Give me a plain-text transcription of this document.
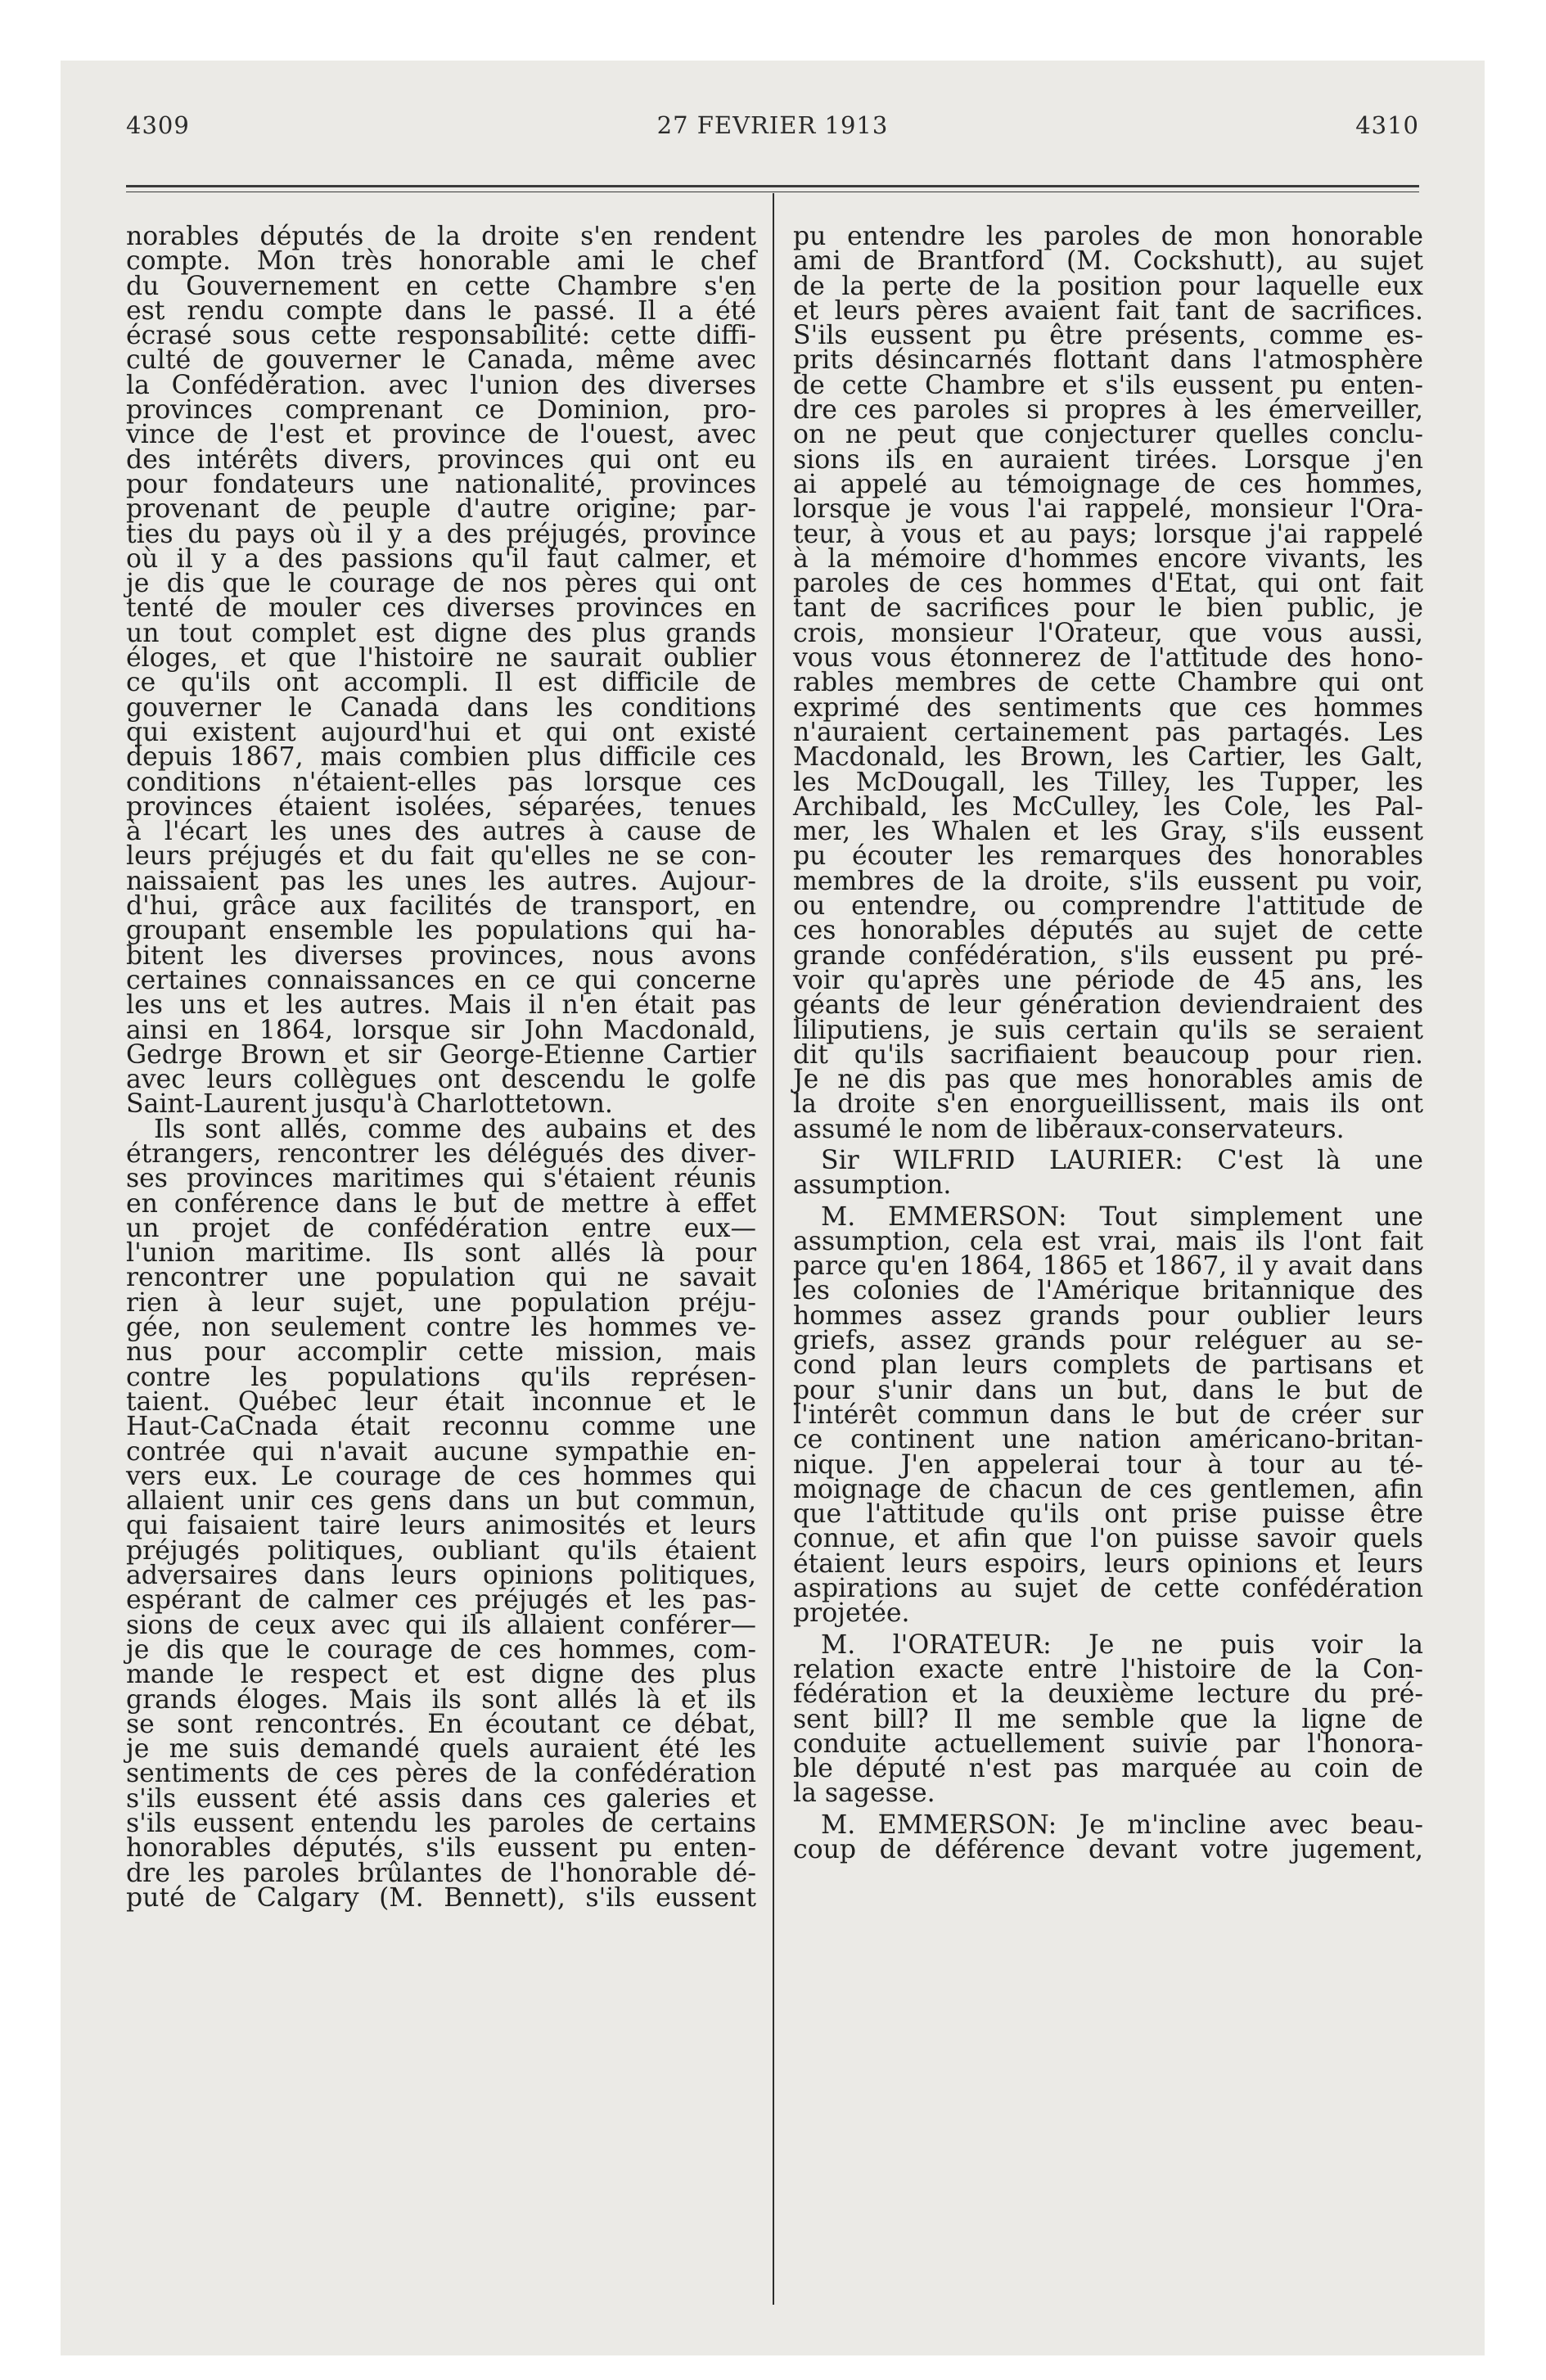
4309	27 FEVRIER 1913	4310
norables députés de la droite s'en rendent
compte. Mon très honorable ami le chef
du Gouvernement en cette Chambre s'en
est rendu compte dans le passé. Il a été
écrasé sous cette responsabilité: cette diffi-
culté de gouverner le Canada, même avec
la Confédération. avec l'union des diverses
provinces comprenant ce Dominion, pro-
vince de l'est et province de l'ouest, avec
des intérêts divers, provinces qui ont eu
pour fondateurs une nationalité, provinces
provenant de peuple d'autre origine; par-
ties du pays où il y a des préjugés, province
où il y a des passions qu'il faut calmer, et
je dis que le courage de nos pères qui ont
tenté de mouler ces diverses provinces en
un tout complet est digne des plus grands
éloges, et que l'histoire ne saurait oublier
ce qu'ils ont accompli. Il est difficile de
gouverner le Canada dans les conditions
qui existent aujourd'hui et qui ont existé
depuis 1867, mais combien plus difficile ces
conditions n'étaient-elles pas lorsque ces
provinces étaient isolées, séparées, tenues
à l'écart les unes des autres à cause de
leurs préjugés et du fait qu'elles ne se con-
naissaient pas les unes les autres. Aujour-
d'hui, grâce aux facilités de transport, en
groupant ensemble les populations qui ha-
bitent les diverses provinces, nous avons
certaines connaissances en ce qui concerne
les uns et les autres. Mais il n'en était pas
ainsi en 1864, lorsque sir John Macdonald,
Gedrge Brown et sir George-Etienne Cartier
avec leurs collègues ont descendu le golfe
Saint-Laurent jusqu'à Charlottetown.
Ils sont allés, comme des aubains et des
étrangers, rencontrer les délégués des diver-
ses provinces maritimes qui s'étaient réunis
en conférence dans le but de mettre à effet
un projet de confédération entre eux—
l'union maritime. Ils sont allés là pour
rencontrer une population qui ne savait
rien à leur sujet, une population préju-
gée, non seulement contre les hommes ve-
nus pour accomplir cette mission, mais
contre les populations qu'ils représen-
taient. Québec leur était inconnue et le
Haut-CaCnada était reconnu comme une
contrée qui n'avait aucune sympathie en-
vers eux. Le courage de ces hommes qui
allaient unir ces gens dans un but commun,
qui faisaient taire leurs animosités et leurs
préjugés politiques, oubliant qu'ils étaient
adversaires dans leurs opinions politiques,
espérant de calmer ces préjugés et les pas-
sions de ceux avec qui ils allaient conférer—
je dis que le courage de ces hommes, com-
mande le respect et est digne des plus
grands éloges. Mais ils sont allés là et ils
se sont rencontrés. En écoutant ce débat,
je me suis demandé quels auraient été les
sentiments de ces pères de la confédération
s'ils eussent été assis dans ces galeries et
s'ils eussent entendu les paroles de certains
honorables députés, s'ils eussent pu enten-
dre les paroles brûlantes de l'honorable dé-
puté de Calgary (M. Bennett), s'ils eussent
pu entendre les paroles de mon honorable
ami de Brantford (M. Cockshutt), au sujet
de la perte de la position pour laquelle eux
et leurs pères avaient fait tant de sacrifices.
S'ils eussent pu être présents, comme es-
prits désincarnés flottant dans l'atmosphère
de cette Chambre et s'ils eussent pu enten-
dre ces paroles si propres à les émerveiller,
on ne peut que conjecturer quelles conclu-
sions ils en auraient tirées. Lorsque j'en
ai appelé au témoignage de ces hommes,
lorsque je vous l'ai rappelé, monsieur l'Ora-
teur, à vous et au pays; lorsque j'ai rappelé
à la mémoire d'hommes encore vivants, les
paroles de ces hommes d'Etat, qui ont fait
tant de sacrifices pour le bien public, je
crois, monsieur l'Orateur, que vous aussi,
vous vous étonnerez de l'attitude des hono-
rables membres de cette Chambre qui ont
exprimé des sentiments que ces hommes
n'auraient certainement pas partagés. Les
Macdonald, les Brown, les Cartier, les Galt,
les McDougall, les Tilley, les Tupper, les
Archibald, les McCulley, les Cole, les Pal-
mer, les Whalen et les Gray, s'ils eussent
pu écouter les remarques des honorables
membres de la droite, s'ils eussent pu voir,
ou entendre, ou comprendre l'attitude de
ces honorables députés au sujet de cette
grande confédération, s'ils eussent pu pré-
voir qu'après une période de 45 ans, les
géants de leur génération deviendraient des
liliputiens, je suis certain qu'ils se seraient
dit qu'ils sacrifiaient beaucoup pour rien.
Je ne dis pas que mes honorables amis de
la droite s'en enorgueillissent, mais ils ont
assumé le nom de libéraux-conservateurs.
Sir WILFRID LAURIER: C'est là une
assumption.
M. EMMERSON: Tout simplement une
assumption, cela est vrai, mais ils l'ont fait
parce qu'en 1864, 1865 et 1867, il y avait dans
les colonies de l'Amérique britannique des
hommes assez grands pour oublier leurs
griefs, assez grands pour reléguer au se-
cond plan leurs complets de partisans et
pour s'unir dans un but, dans le but de
l'intérêt commun dans le but de créer sur
ce continent une nation américano-britan-
nique. J'en appelerai tour à tour au té-
moignage de chacun de ces gentlemen, afin
que l'attitude qu'ils ont prise puisse être
connue, et afin que l'on puisse savoir quels
étaient leurs espoirs, leurs opinions et leurs
aspirations au sujet de cette confédération
projetée.
M. l'ORATEUR: Je ne puis voir la
relation exacte entre l'histoire de la Con-
fédération et la deuxième lecture du pré-
sent bill? Il me semble que la ligne de
conduite actuellement suivie par l'honora-
ble député n'est pas marquée au coin de
la sagesse.
M. EMMERSON: Je m'incline avec beau-
coup de déférence devant votre jugement,
